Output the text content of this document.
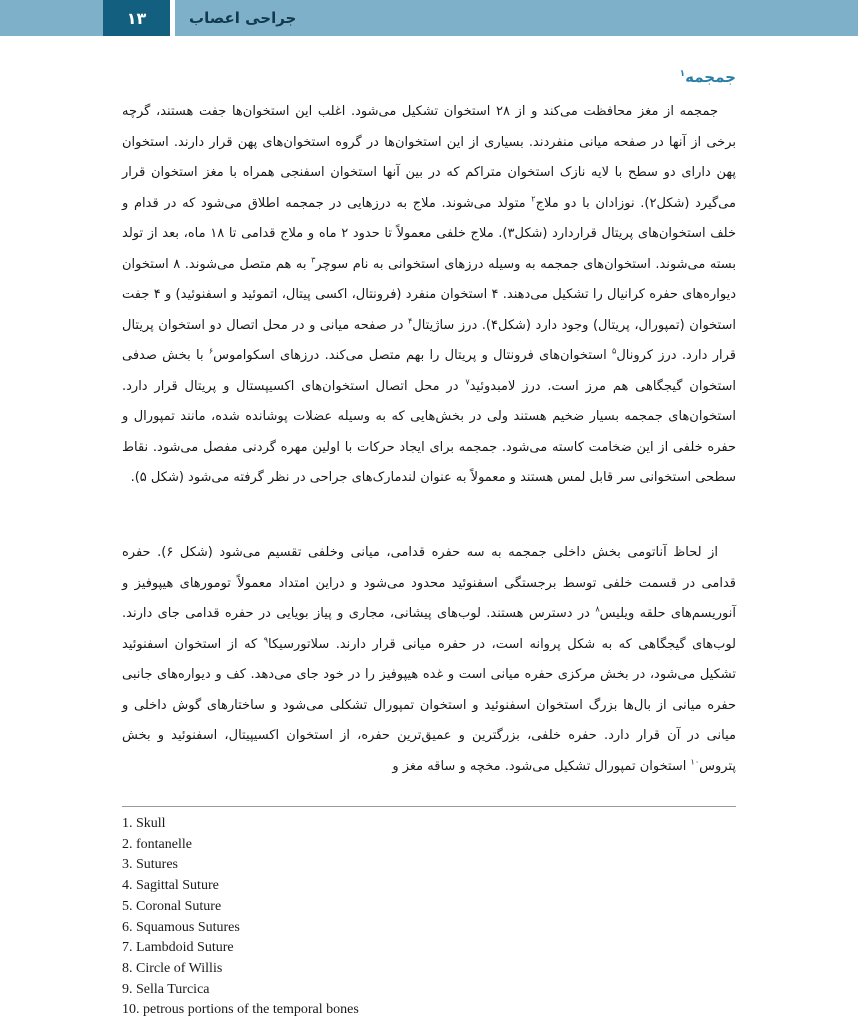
۱۳	جراحی اعصاب
جمجمه$^۱$

جمجمه از مغز محافظت می‌کند و از ۲۸ استخوان تشکیل می‌شود. اغلب این استخوان‌ها جفت هستند، گرچه برخی از آنها در صفحه میانی منفردند. بسیاری از این استخوان‌ها در گروه استخوان‌های پهن قرار دارند. استخوان پهن دارای دو سطح با لایه نازک استخوان متراکم که در بین آنها استخوان اسفنجی همراه با مغز استخوان قرار می‌گیرد (شکل۲). نوزادان با دو ملاج$^۲$ متولد می‌شوند. ملاج به درزهایی در جمجمه اطلاق می‌شود که در قدام و خلف استخوان‌های پریتال قراردارد (شکل۳). ملاج خلفی معمولاً تا حدود ۲ ماه و ملاج قدامی تا ۱۸ ماه، بعد از تولد بسته می‌شوند. استخوان‌های جمجمه به وسیله درزهای استخوانی به نام سوچر$^۳$ به هم متصل می‌شوند. ۸ استخوان دیواره‌های حفره کرانیال را تشکیل می‌دهند. ۴ استخوان منفرد (فرونتال، اکسی پیتال، اتموئید و اسفنوئید) و ۴ جفت استخوان (تمپورال، پریتال) وجود دارد (شکل۴). درز ساژیتال$^۴$ در صفحه میانی و در محل اتصال دو استخوان پریتال قرار دارد. درز کرونال$^۵$ استخوان‌های فرونتال و پریتال را بهم متصل می‌کند. درزهای اسکواموس$^۶$ با بخش صدفی استخوان گیجگاهی هم مرز است. درز لامبدوئید$^۷$ در محل اتصال استخوان‌های اکسیپستال و پریتال قرار دارد. استخوان‌های جمجمه بسیار ضخیم هستند ولی در بخش‌هایی که به وسیله عضلات پوشانده شده، مانند تمپورال و حفره خلفی از این ضخامت کاسته می‌شود. جمجمه برای ایجاد حرکات با اولین مهره گردنی مفصل می‌شود. نقاط سطحی استخوانی سر قابل لمس هستند و معمولاً به عنوان لندمارک‌های جراحی در نظر گرفته می‌شود (شکل ۵).

از لحاظ آناتومی بخش داخلی جمجمه به سه حفره قدامی، میانی وخلفی تقسیم می‌شود (شکل ۶). حفره قدامی در قسمت خلفی توسط برجستگی اسفنوئید محدود می‌شود و دراین امتداد معمولاً تومورهای هیپوفیز و آنوریسم‌های حلقه ویلیس$^۸$ در دسترس هستند. لوب‌های پیشانی، مجاری و پیاز بویایی در حفره قدامی جای دارند. لوب‌های گیجگاهی که به شکل پروانه است، در حفره میانی قرار دارند. سلاتورسیکا$^۹$ که از استخوان اسفنوئید تشکیل می‌شود، در بخش مرکزی حفره میانی است و غده هیپوفیز را در خود جای می‌دهد. کف و دیواره‌های جانبی حفره میانی از بال‌ها بزرگ استخوان اسفنوئید و استخوان تمپورال تشکلی می‌شود و ساختارهای گوش داخلی و میانی در آن قرار دارد. حفره خلفی، بزرگترین و عمیق‌ترین حفره، از استخوان اکسیپیتال، اسفنوئید و بخش پتروس$^{۱۰}$ استخوان تمپورال تشکیل می‌شود. مخچه و ساقه مغز و

1. Skull
2. fontanelle
3. Sutures
4. Sagittal Suture
5. Coronal Suture
6. Squamous Sutures
7. Lambdoid Suture
8. Circle of Willis
9. Sella Turcica
10. petrous portions of the temporal bones
